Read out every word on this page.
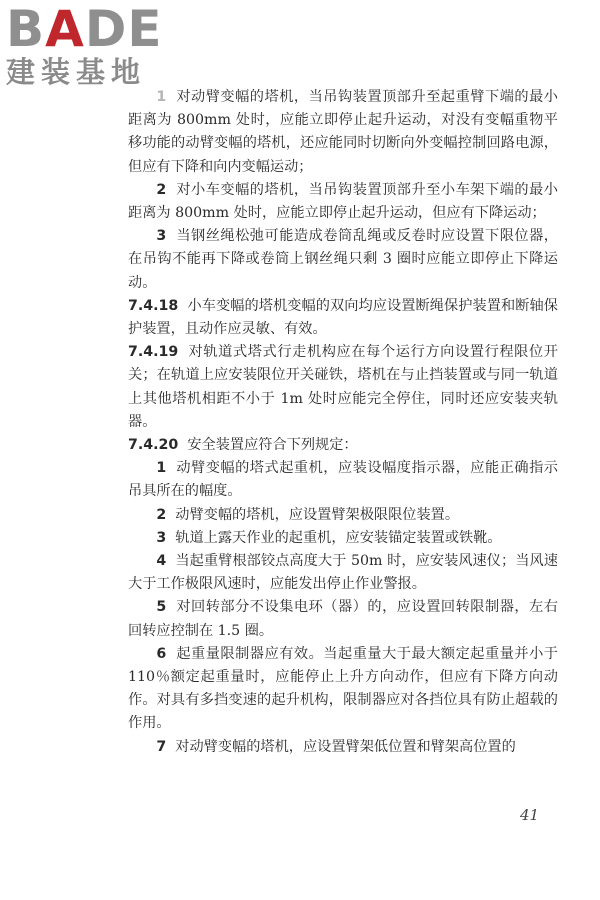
BADE
建装基地

1 对动臂变幅的塔机，当吊钩装置顶部升至起重臂下端的最小距离为 800mm 处时，应能立即停止起升运动，对没有变幅重物平移功能的动臂变幅的塔机，还应能同时切断向外变幅控制回路电源，但应有下降和向内变幅运动；

2 对小车变幅的塔机，当吊钩装置顶部升至小车架下端的最小距离为 800mm 处时，应能立即停止起升运动，但应有下降运动；

3 当钢丝绳松弛可能造成卷筒乱绳或反卷时应设置下限位器，在吊钩不能再下降或卷筒上钢丝绳只剩 3 圈时应能立即停止下降运动。

7.4.18 小车变幅的塔机变幅的双向均应设置断绳保护装置和断轴保护装置，且动作应灵敏、有效。

7.4.19 对轨道式塔式行走机构应在每个运行方向设置行程限位开关；在轨道上应安装限位开关碰铁，塔机在与止挡装置或与同一轨道上其他塔机相距不小于 1m 处时应能完全停住，同时还应安装夹轨器。

7.4.20 安全装置应符合下列规定：

1 动臂变幅的塔式起重机，应装设幅度指示器，应能正确指示吊具所在的幅度。

2 动臂变幅的塔机，应设置臂架极限限位装置。

3 轨道上露天作业的起重机，应安装锚定装置或铁靴。

4 当起重臂根部铰点高度大于 50m 时，应安装风速仪；当风速大于工作极限风速时，应能发出停止作业警报。

5 对回转部分不设集电环（器）的，应设置回转限制器，左右回转应控制在 1.5 圈。

6 起重量限制器应有效。当起重量大于最大额定起重量并小于 110％额定起重量时，应能停止上升方向动作，但应有下降方向动作。对具有多挡变速的起升机构，限制器应对各挡位具有防止超载的作用。

7 对动臂变幅的塔机，应设置臂架低位置和臂架高位置的

41
